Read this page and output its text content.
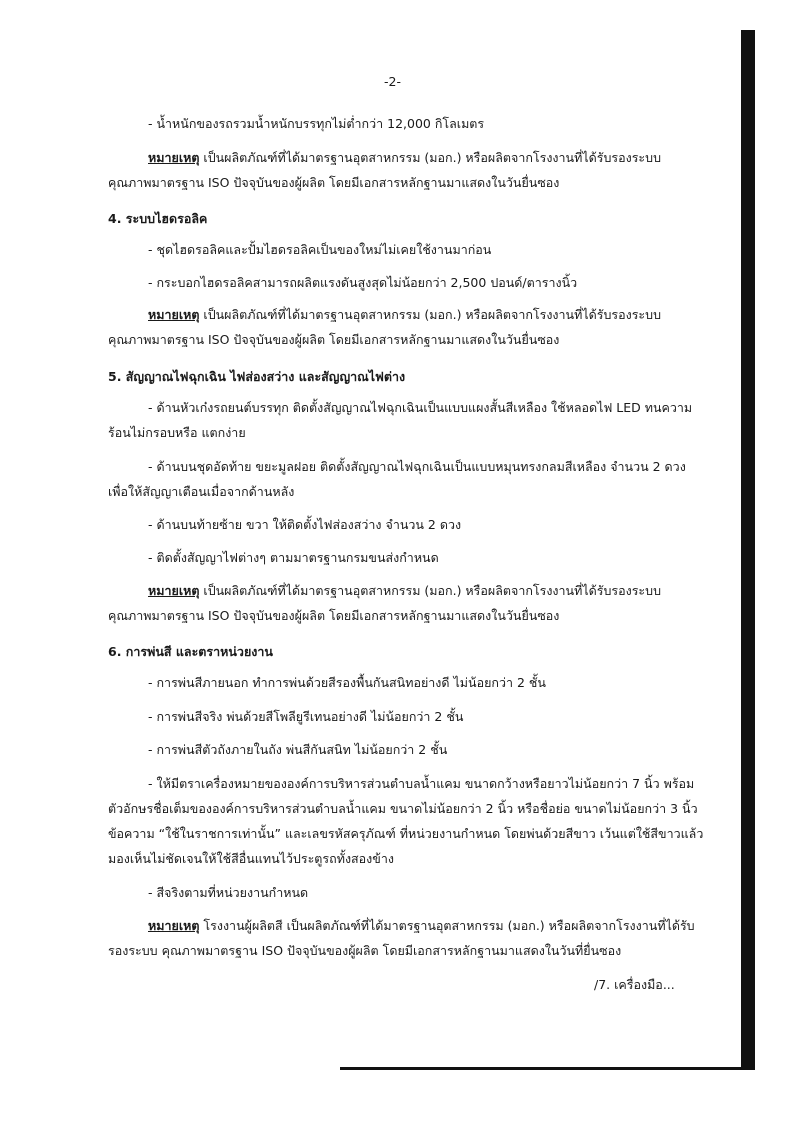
-2-
- น้ำหนักของรถรวมน้ำหนักบรรทุกไม่ต่ำกว่า 12,000 กิโลเมตร
หมายเหตุ เป็นผลิตภัณฑ์ที่ได้มาตรฐานอุตสาหกรรม (มอก.) หรือผลิตจากโรงงานที่ได้รับรองระบบ
คุณภาพมาตรฐาน ISO ปัจจุบันของผู้ผลิต โดยมีเอกสารหลักฐานมาแสดงในวันยื่นซอง
4. ระบบไฮดรอลิค
- ชุดไฮดรอลิคและปั้มไฮดรอลิคเป็นของใหม่ไม่เคยใช้งานมาก่อน
- กระบอกไฮดรอลิคสามารถผลิตแรงดันสูงสุดไม่น้อยกว่า 2,500 ปอนด์/ตารางนิ้ว
หมายเหตุ เป็นผลิตภัณฑ์ที่ได้มาตรฐานอุตสาหกรรม (มอก.) หรือผลิตจากโรงงานที่ได้รับรองระบบ
คุณภาพมาตรฐาน ISO ปัจจุบันของผู้ผลิต โดยมีเอกสารหลักฐานมาแสดงในวันยื่นซอง
5. สัญญาณไฟฉุกเฉิน ไฟส่องสว่าง และสัญญาณไฟต่าง
- ด้านหัวเก๋งรถยนต์บรรทุก ติดตั้งสัญญาณไฟฉุกเฉินเป็นแบบแผงสั้นสีเหลือง ใช้หลอดไฟ LED ทนความ
ร้อนไม่กรอบหรือ แตกง่าย
- ด้านบนชุดอัดท้าย ขยะมูลฝอย ติดตั้งสัญญาณไฟฉุกเฉินเป็นแบบหมุนทรงกลมสีเหลือง จำนวน 2 ดวง
เพื่อให้สัญญาเตือนเมื่อจากด้านหลัง
- ด้านบนท้ายซ้าย ขวา ให้ติดตั้งไฟส่องสว่าง จำนวน 2 ดวง
- ติดตั้งสัญญาไฟต่างๆ ตามมาตรฐานกรมขนส่งกำหนด
หมายเหตุ เป็นผลิตภัณฑ์ที่ได้มาตรฐานอุตสาหกรรม (มอก.) หรือผลิตจากโรงงานที่ได้รับรองระบบ
คุณภาพมาตรฐาน ISO ปัจจุบันของผู้ผลิต โดยมีเอกสารหลักฐานมาแสดงในวันยื่นซอง
6. การพ่นสี และตราหน่วยงาน
- การพ่นสีภายนอก ทำการพ่นด้วยสีรองพื้นกันสนิทอย่างดี ไม่น้อยกว่า 2 ชั้น
- การพ่นสีจริง พ่นด้วยสีโพลียูรีเทนอย่างดี ไม่น้อยกว่า 2 ชั้น
- การพ่นสีตัวถังภายในถัง พ่นสีกันสนิท ไม่น้อยกว่า 2 ชั้น
- ให้มีตราเครื่องหมายขององค์การบริหารส่วนตำบลน้ำแคม ขนาดกว้างหรือยาวไม่น้อยกว่า 7 นิ้ว พร้อม
ตัวอักษรชื่อเต็มขององค์การบริหารส่วนตำบลน้ำแคม ขนาดไม่น้อยกว่า 2 นิ้ว หรือชื่อย่อ ขนาดไม่น้อยกว่า 3 นิ้ว
ข้อความ “ใช้ในราชการเท่านั้น” และเลขรหัสครุภัณฑ์ ที่หน่วยงานกำหนด โดยพ่นด้วยสีขาว เว้นแต่ใช้สีขาวแล้ว
มองเห็นไม่ชัดเจนให้ใช้สีอื่นแทนไว้ประตูรถทั้งสองข้าง
- สีจริงตามที่หน่วยงานกำหนด
หมายเหตุ โรงงานผู้ผลิตสี เป็นผลิตภัณฑ์ที่ได้มาตรฐานอุตสาหกรรม (มอก.) หรือผลิตจากโรงงานที่ได้รับ
รองระบบ คุณภาพมาตรฐาน ISO ปัจจุบันของผู้ผลิต โดยมีเอกสารหลักฐานมาแสดงในวันที่ยื่นซอง
/7. เครื่องมือ...
